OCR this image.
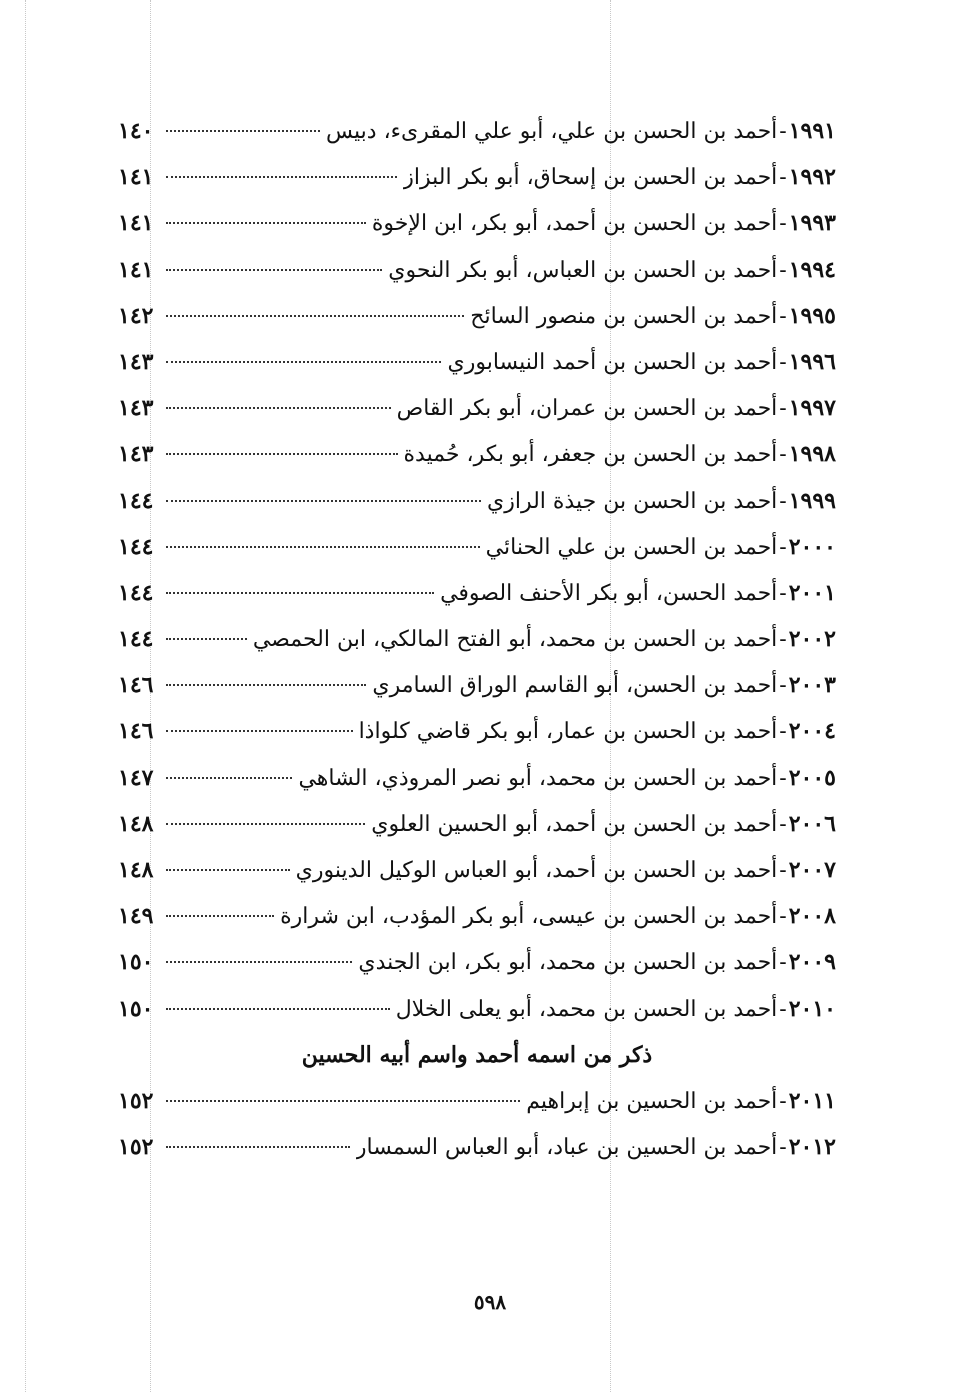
١٩٩١
-
أحمد بن الحسن بن علي، أبو علي المقرىء، دبيس
١٤٠
١٩٩٢
-
أحمد بن الحسن بن إسحاق، أبو بكر البزاز
١٤١
١٩٩٣
-
أحمد بن الحسن بن أحمد، أبو بكر، ابن الإخوة
١٤١
١٩٩٤
-
أحمد بن الحسن بن العباس، أبو بكر النحوي
١٤١
١٩٩٥
-
أحمد بن الحسن بن منصور السائح
١٤٢
١٩٩٦
-
أحمد بن الحسن بن أحمد النيسابوري
١٤٣
١٩٩٧
-
أحمد بن الحسن بن عمران، أبو بكر القاص
١٤٣
١٩٩٨
-
أحمد بن الحسن بن جعفر، أبو بكر، حُميدة
١٤٣
١٩٩٩
-
أحمد بن الحسن بن جيذة الرازي
١٤٤
٢٠٠٠
-
أحمد بن الحسن بن علي الحنائي
١٤٤
٢٠٠١
-
أحمد الحسن، أبو بكر الأحنف الصوفي
١٤٤
٢٠٠٢
-
أحمد بن الحسن بن محمد، أبو الفتح المالكي، ابن الحمصي
١٤٤
٢٠٠٣
-
أحمد بن الحسن، أبو القاسم الوراق السامري
١٤٦
٢٠٠٤
-
أحمد بن الحسن بن عمار، أبو بكر قاضي كلواذا
١٤٦
٢٠٠٥
-
أحمد بن الحسن بن محمد، أبو نصر المروذي، الشاهي
١٤٧
٢٠٠٦
-
أحمد بن الحسن بن أحمد، أبو الحسين العلوي
١٤٨
٢٠٠٧
-
أحمد بن الحسن بن أحمد، أبو العباس الوكيل الدينوري
١٤٨
٢٠٠٨
-
أحمد بن الحسن بن عيسى، أبو بكر المؤدب، ابن شرارة
١٤٩
٢٠٠٩
-
أحمد بن الحسن بن محمد، أبو بكر، ابن الجندي
١٥٠
٢٠١٠
-
أحمد بن الحسن بن محمد، أبو يعلى الخلال
١٥٠
ذكر من اسمه أحمد واسم أبيه الحسين
٢٠١١
-
أحمد بن الحسين بن إبراهيم
١٥٢
٢٠١٢
-
أحمد بن الحسين بن عباد، أبو العباس السمسار
١٥٢
٥٩٨
